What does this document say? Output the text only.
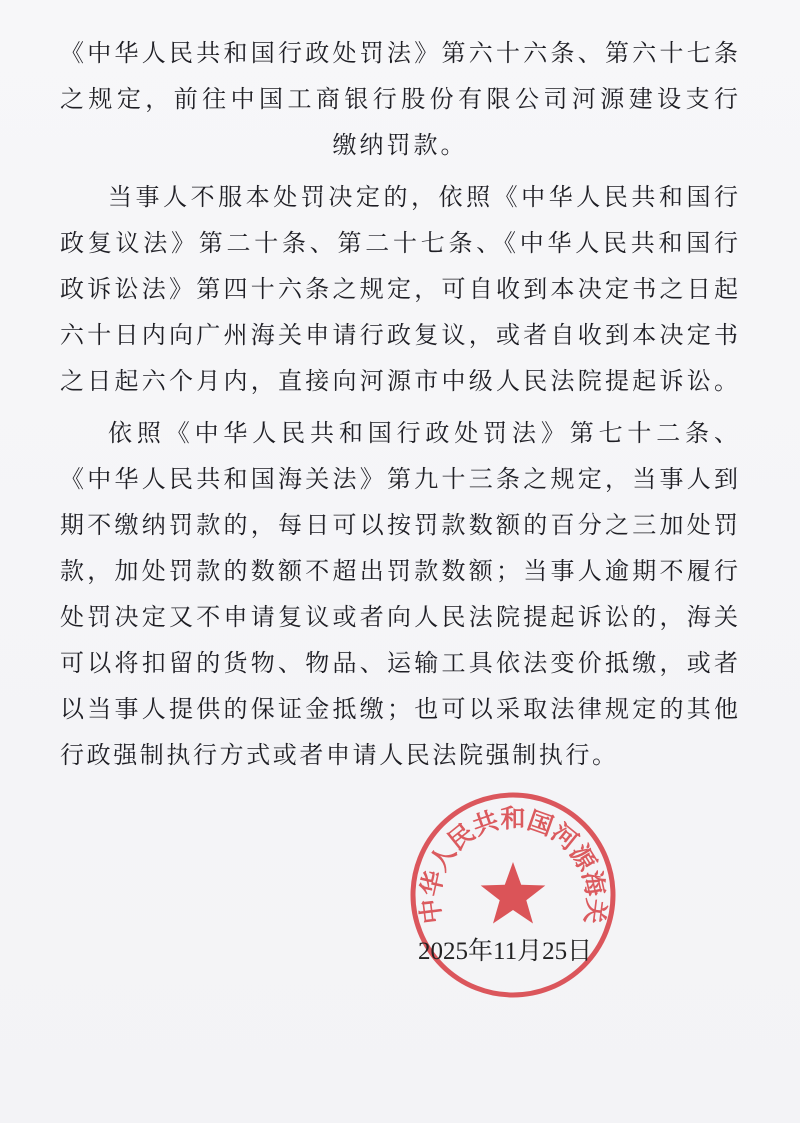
《中华人民共和国行政处罚法》第六十六条、第六十七条
之规定，前往中国工商银行股份有限公司河源建设支行
缴纳罚款。
当事人不服本处罚决定的，依照《中华人民共和国行
政复议法》第二十条、第二十七条、《中华人民共和国行
政诉讼法》第四十六条之规定，可自收到本决定书之日起
六十日内向广州海关申请行政复议，或者自收到本决定书
之日起六个月内，直接向河源市中级人民法院提起诉讼。
依照《中华人民共和国行政处罚法》第七十二条、
《中华人民共和国海关法》第九十三条之规定，当事人到
期不缴纳罚款的，每日可以按罚款数额的百分之三加处罚
款，加处罚款的数额不超出罚款数额；当事人逾期不履行
处罚决定又不申请复议或者向人民法院提起诉讼的，海关
可以将扣留的货物、物品、运输工具依法变价抵缴，或者
以当事人提供的保证金抵缴；也可以采取法律规定的其他
行政强制执行方式或者申请人民法院强制执行。
中华人民共和国河源海关
2025年11月25日
